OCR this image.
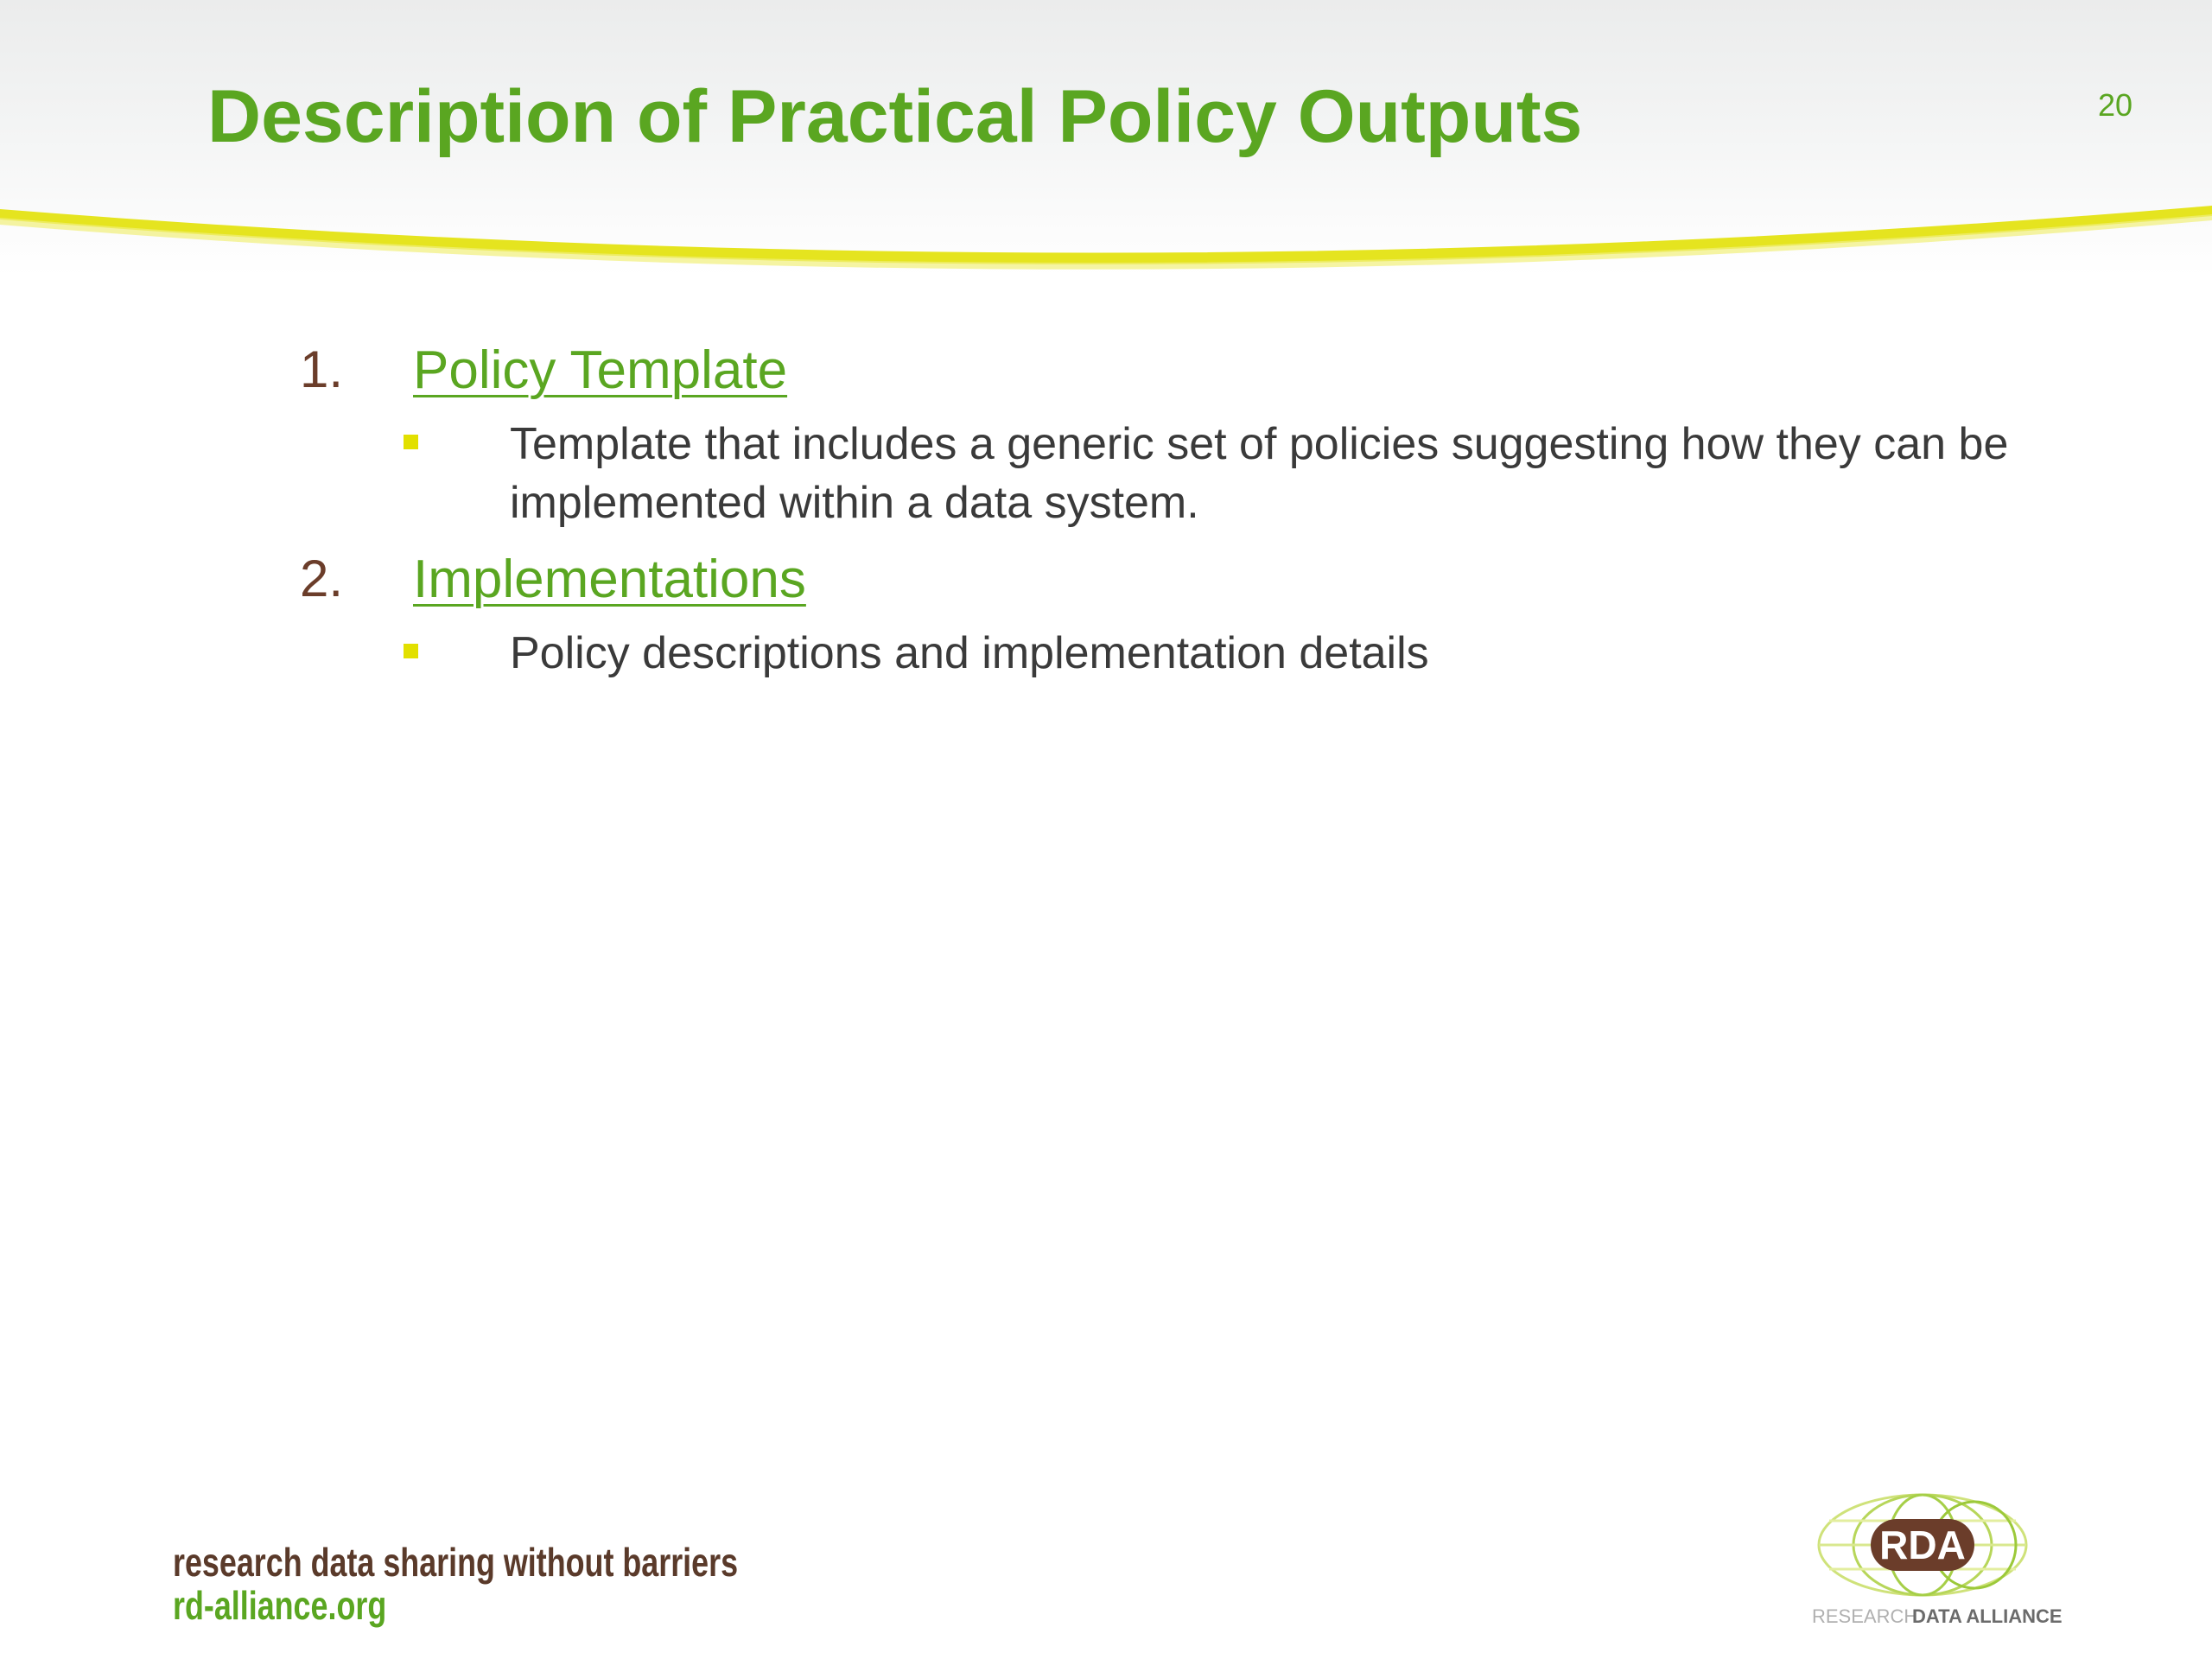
Description of Practical Policy Outputs	20
1. Policy Template
Template that includes a generic set of policies suggesting how they can be implemented within a data system.
2. Implementations
Policy descriptions and implementation details
research data sharing without barriers
rd-alliance.org
RDA
RESEARCH
DATA ALLIANCE
